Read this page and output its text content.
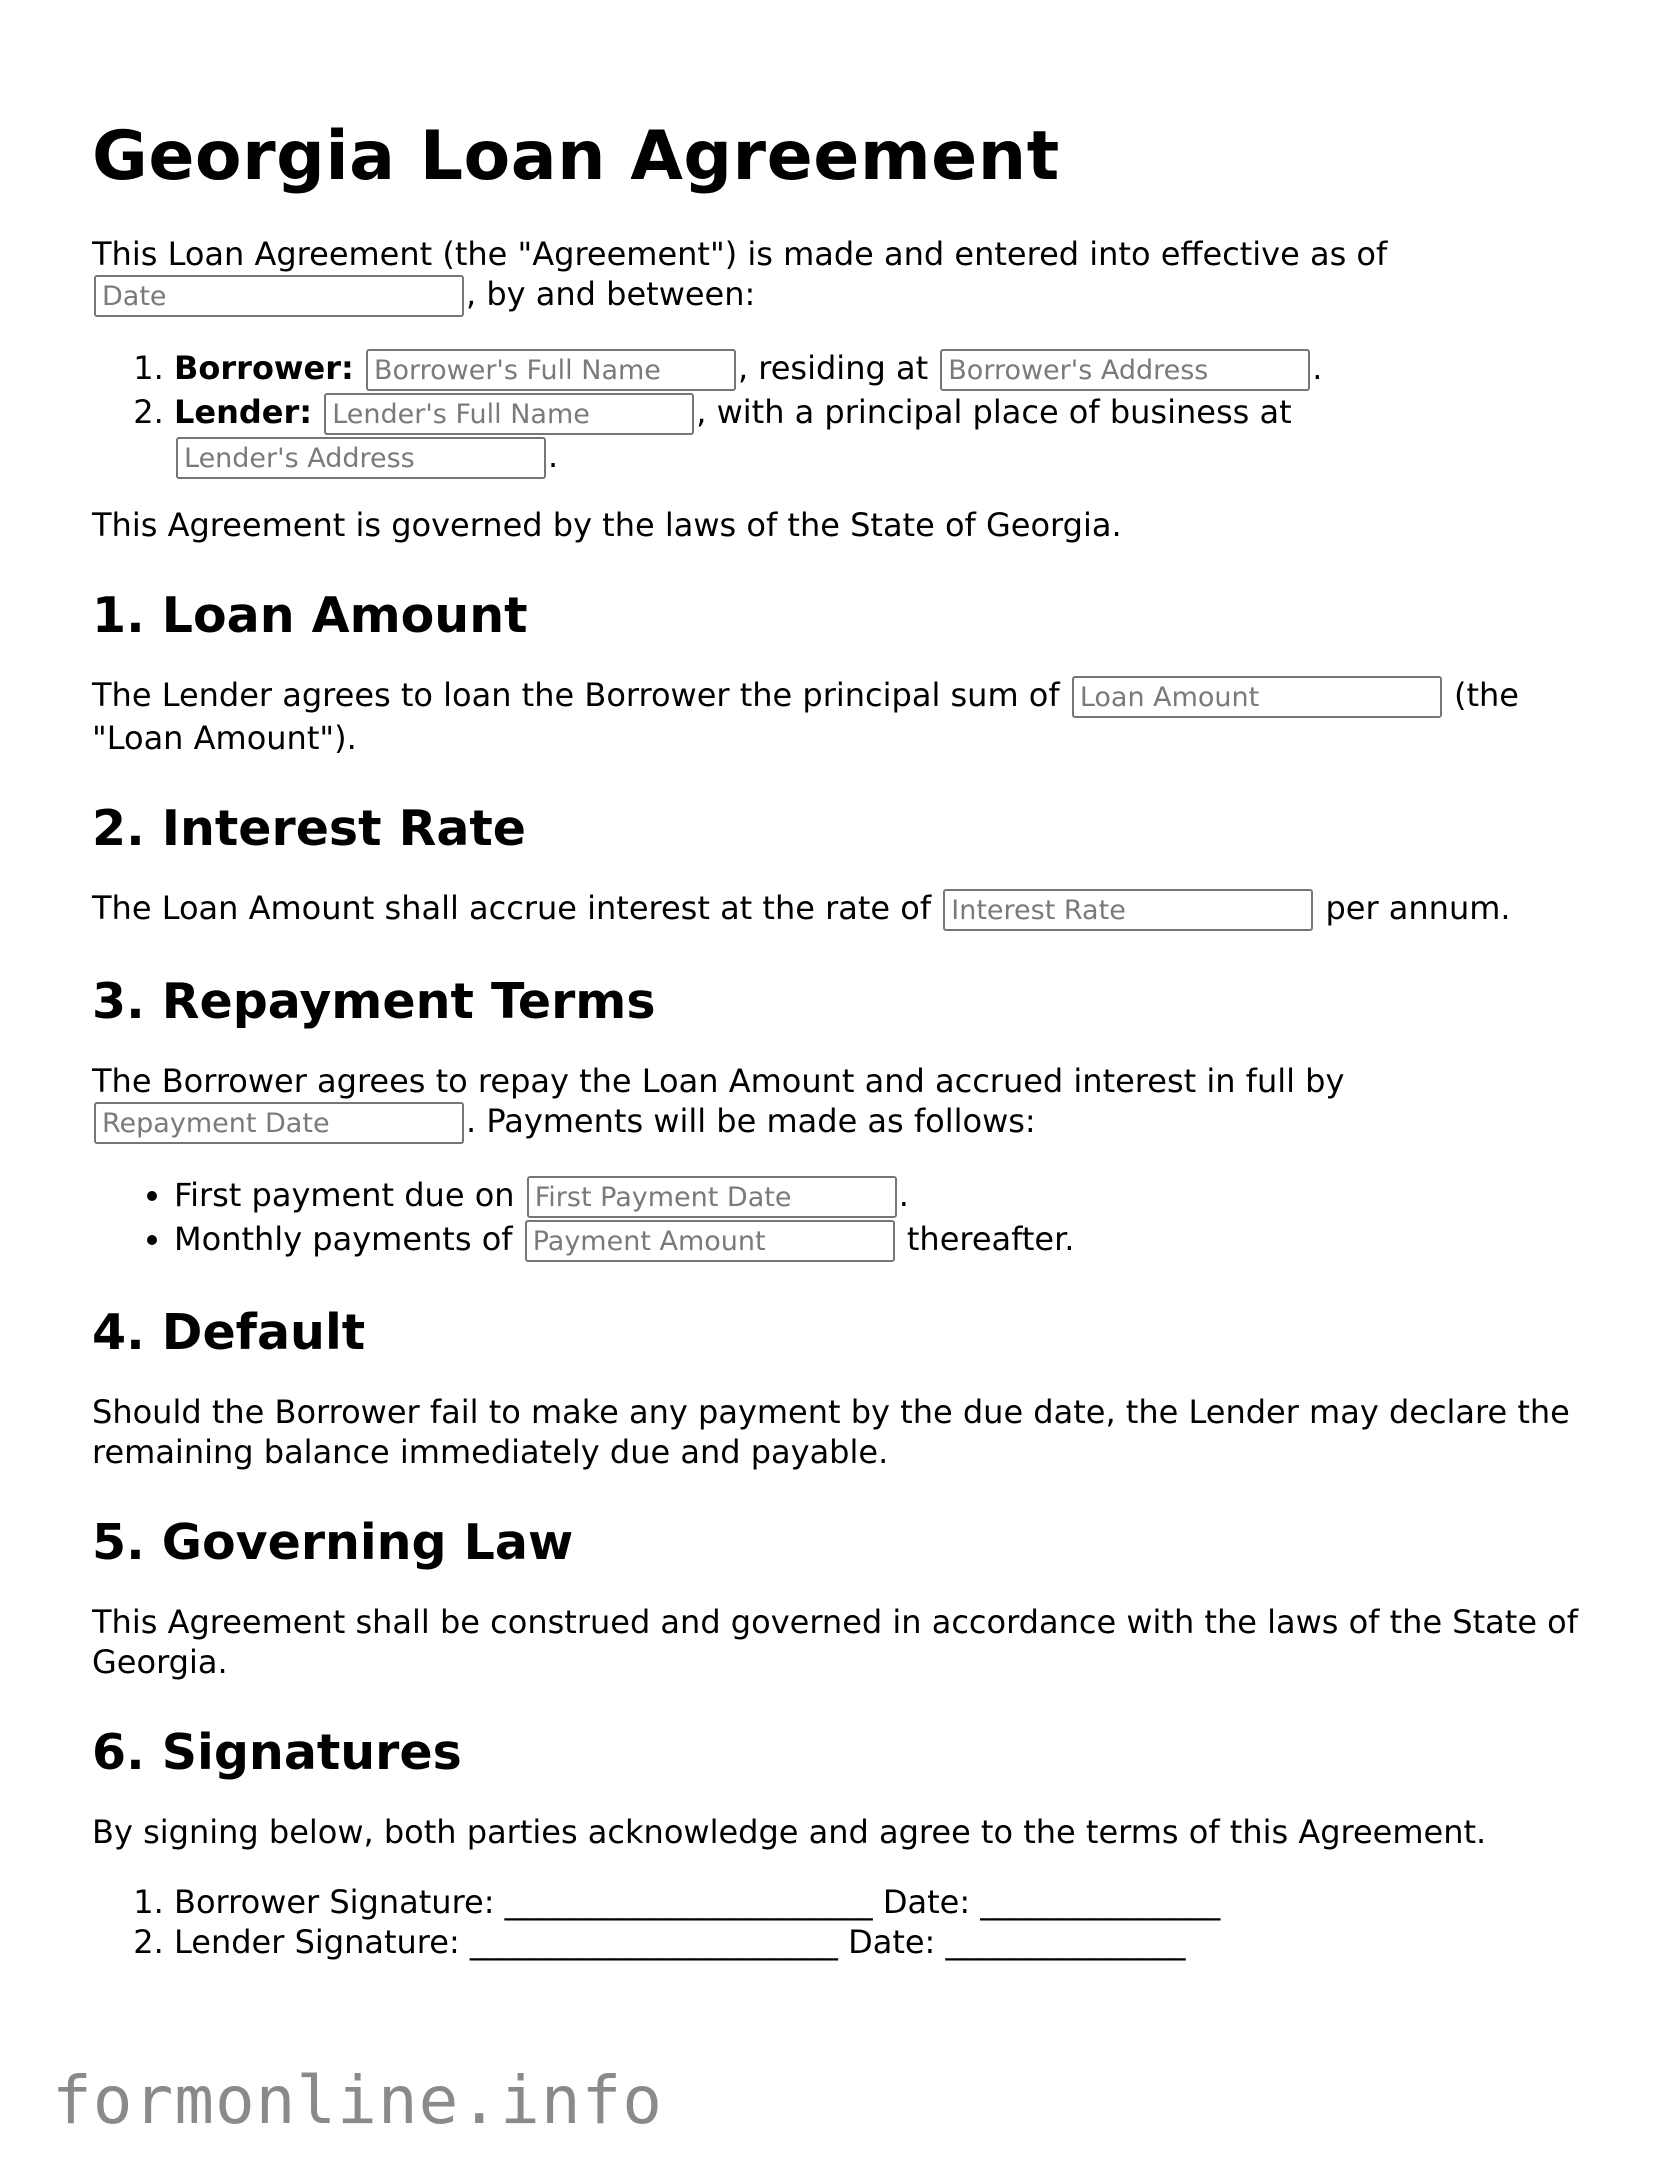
Georgia Loan Agreement

This Loan Agreement (the "Agreement") is made and entered into effective as of
Date, by and between:

1. Borrower: Borrower's Full Name	, residing at Borrower's Address	.
2. Lender: Lender's Full Name	, with a principal place of business at
Lender's Address.

This Agreement is governed by the laws of the State of Georgia.

1. Loan Amount

The Lender agrees to loan the Borrower the principal sum of Loan Amount	(the "Loan Amount").

2. Interest Rate

The Loan Amount shall accrue interest at the rate of Interest Rate	per annum.

3. Repayment Terms

The Borrower agrees to repay the Loan Amount and accrued interest in full by
Repayment Date. Payments will be made as follows:

• First payment due on First Payment Date	.
• Monthly payments of Payment Amount	thereafter.
4. Default

Should the Borrower fail to make any payment by the due date, the Lender may declare the remaining balance immediately due and payable.

5. Governing Law

This Agreement shall be construed and governed in accordance with the laws of the State of Georgia.

6. Signatures

By signing below, both parties acknowledge and agree to the terms of this Agreement.

1. Borrower Signature: _______________________ Date: _______________
2. Lender Signature: _______________________ Date: _______________
formonline.info
